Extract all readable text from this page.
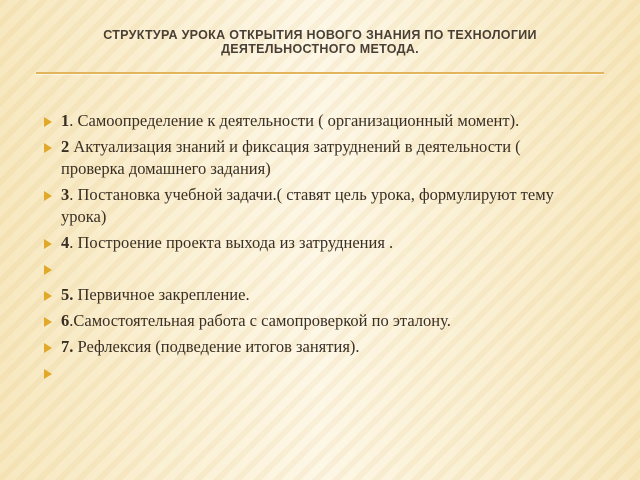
СТРУКТУРА УРОКА ОТКРЫТИЯ НОВОГО ЗНАНИЯ ПО ТЕХНОЛОГИИ ДЕЯТЕЛЬНОСТНОГО МЕТОДА.
1. Самоопределение к деятельности ( организационный момент).
2 Актуализация знаний и фиксация затруднений в деятельности ( проверка домашнего задания)
3. Постановка учебной задачи.( ставят цель урока, формулируют тему урока)
4. Построение проекта выхода из затруднения .
5. Первичное закрепление.
6.Самостоятельная работа с самопроверкой по эталону.
7. Рефлексия (подведение итогов занятия).
